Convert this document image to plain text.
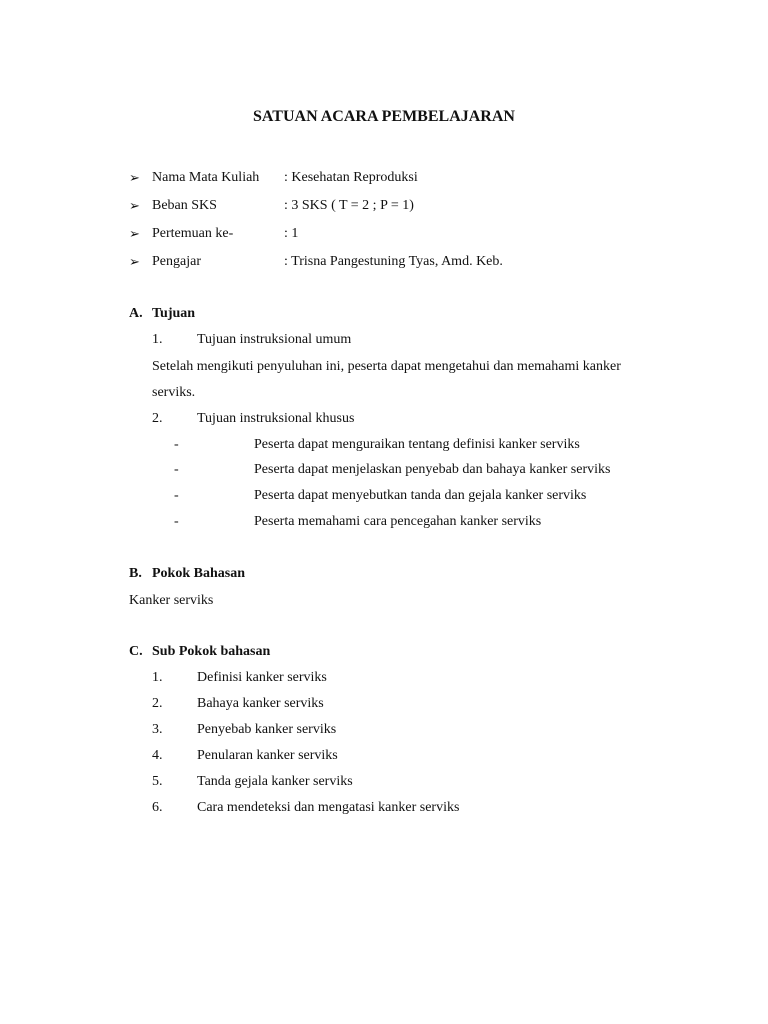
SATUAN ACARA PEMBELAJARAN
➢ Nama Mata Kuliah : Kesehatan Reproduksi
➢ Beban SKS	: 3 SKS ( T = 2 ; P = 1)
➢ Pertemuan ke-	: 1
➢ Pengajar	: Trisna Pangestuning Tyas, Amd. Keb.
A. Tujuan
1. Tujuan instruksional umum
Setelah mengikuti penyuluhan ini, peserta dapat mengetahui dan memahami kanker
serviks.
2. Tujuan instruksional khusus
-	Peserta dapat menguraikan tentang definisi kanker serviks
-	Peserta dapat menjelaskan penyebab dan bahaya kanker serviks
-	Peserta dapat menyebutkan tanda dan gejala kanker serviks
-	Peserta memahami cara pencegahan kanker serviks
B. Pokok Bahasan
Kanker serviks
C. Sub Pokok bahasan
1. Definisi kanker serviks
2. Bahaya kanker serviks
3. Penyebab kanker serviks
4. Penularan kanker serviks
5. Tanda gejala kanker serviks
6. Cara mendeteksi dan mengatasi kanker serviks
